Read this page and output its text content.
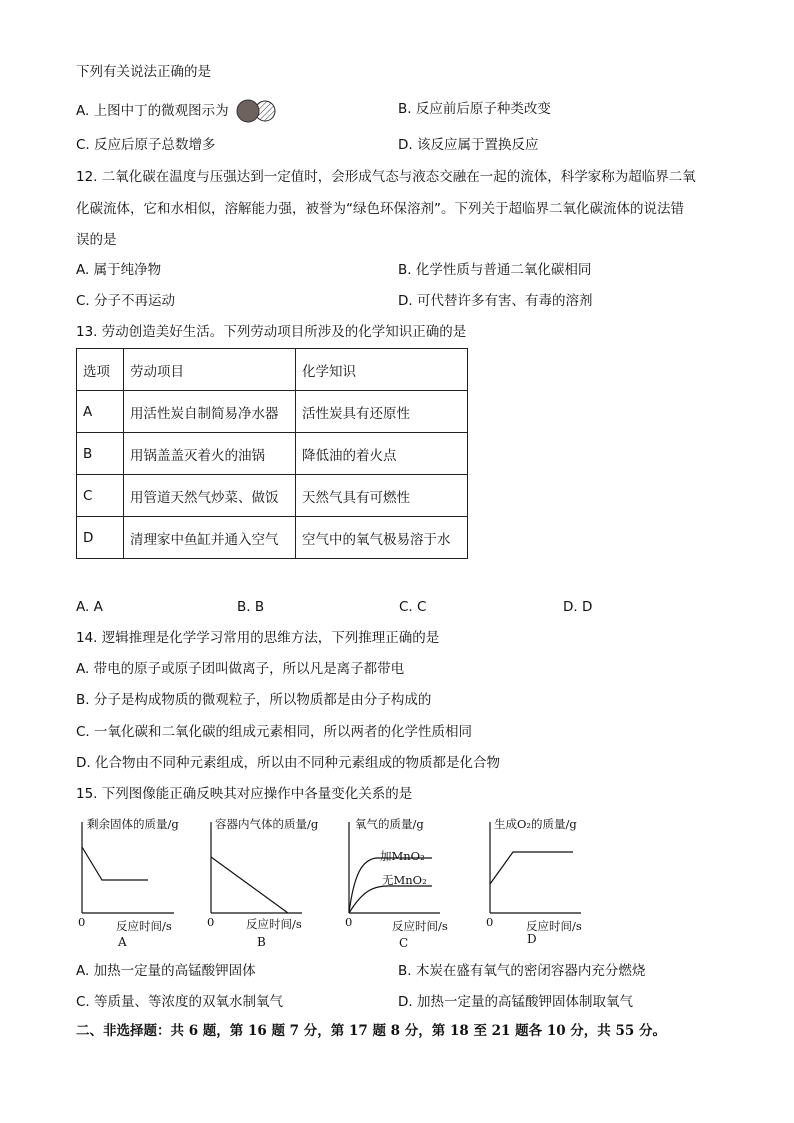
下列有关说法正确的是
A. 上图中丁的微观图示为	B. 反应前后原子种类改变
C. 反应后原子总数增多	D. 该反应属于置换反应
12. 二氧化碳在温度与压强达到一定值时，会形成气态与液态交融在一起的流体，科学家称为超临界二氧
化碳流体，它和水相似，溶解能力强，被誉为“绿色环保溶剂”。下列关于超临界二氧化碳流体的说法错
误的是
A. 属于纯净物	B. 化学性质与普通二氧化碳相同
C. 分子不再运动	D. 可代替许多有害、有毒的溶剂
13. 劳动创造美好生活。下列劳动项目所涉及的化学知识正确的是
选项	劳动项目	化学知识
A	用活性炭自制简易净水器	活性炭具有还原性
B	用锅盖盖灭着火的油锅	降低油的着火点
C	用管道天然气炒菜、做饭	天然气具有可燃性
D	清理家中鱼缸并通入空气	空气中的氧气极易溶于水
A. A	B. B	C. C	D. D
14. 逻辑推理是化学学习常用的思维方法，下列推理正确的是
A. 带电的原子或原子团叫做离子，所以凡是离子都带电
B. 分子是构成物质的微观粒子，所以物质都是由分子构成的
C. 一氧化碳和二氧化碳的组成元素相同，所以两者的化学性质相同
D. 化合物由不同种元素组成，所以由不同种元素组成的物质都是化合物
15. 下列图像能正确反映其对应操作中各量变化关系的是
剩余固体的质量/g
0	反应时间/s
A
容器内气体的质量/g
0	反应时间/s
B
氧气的质量/g
加MnO₂
无MnO₂
0	反应时间/s
C
生成O₂的质量/g
0	反应时间/s
D
A. 加热一定量的高锰酸钾固体	B. 木炭在盛有氧气的密闭容器内充分燃烧
C. 等质量、等浓度的双氧水制氧气	D. 加热一定量的高锰酸钾固体制取氧气
二、非选择题：共 6 题，第 16 题 7 分，第 17 题 8 分，第 18 至 21 题各 10 分，共 55 分。
